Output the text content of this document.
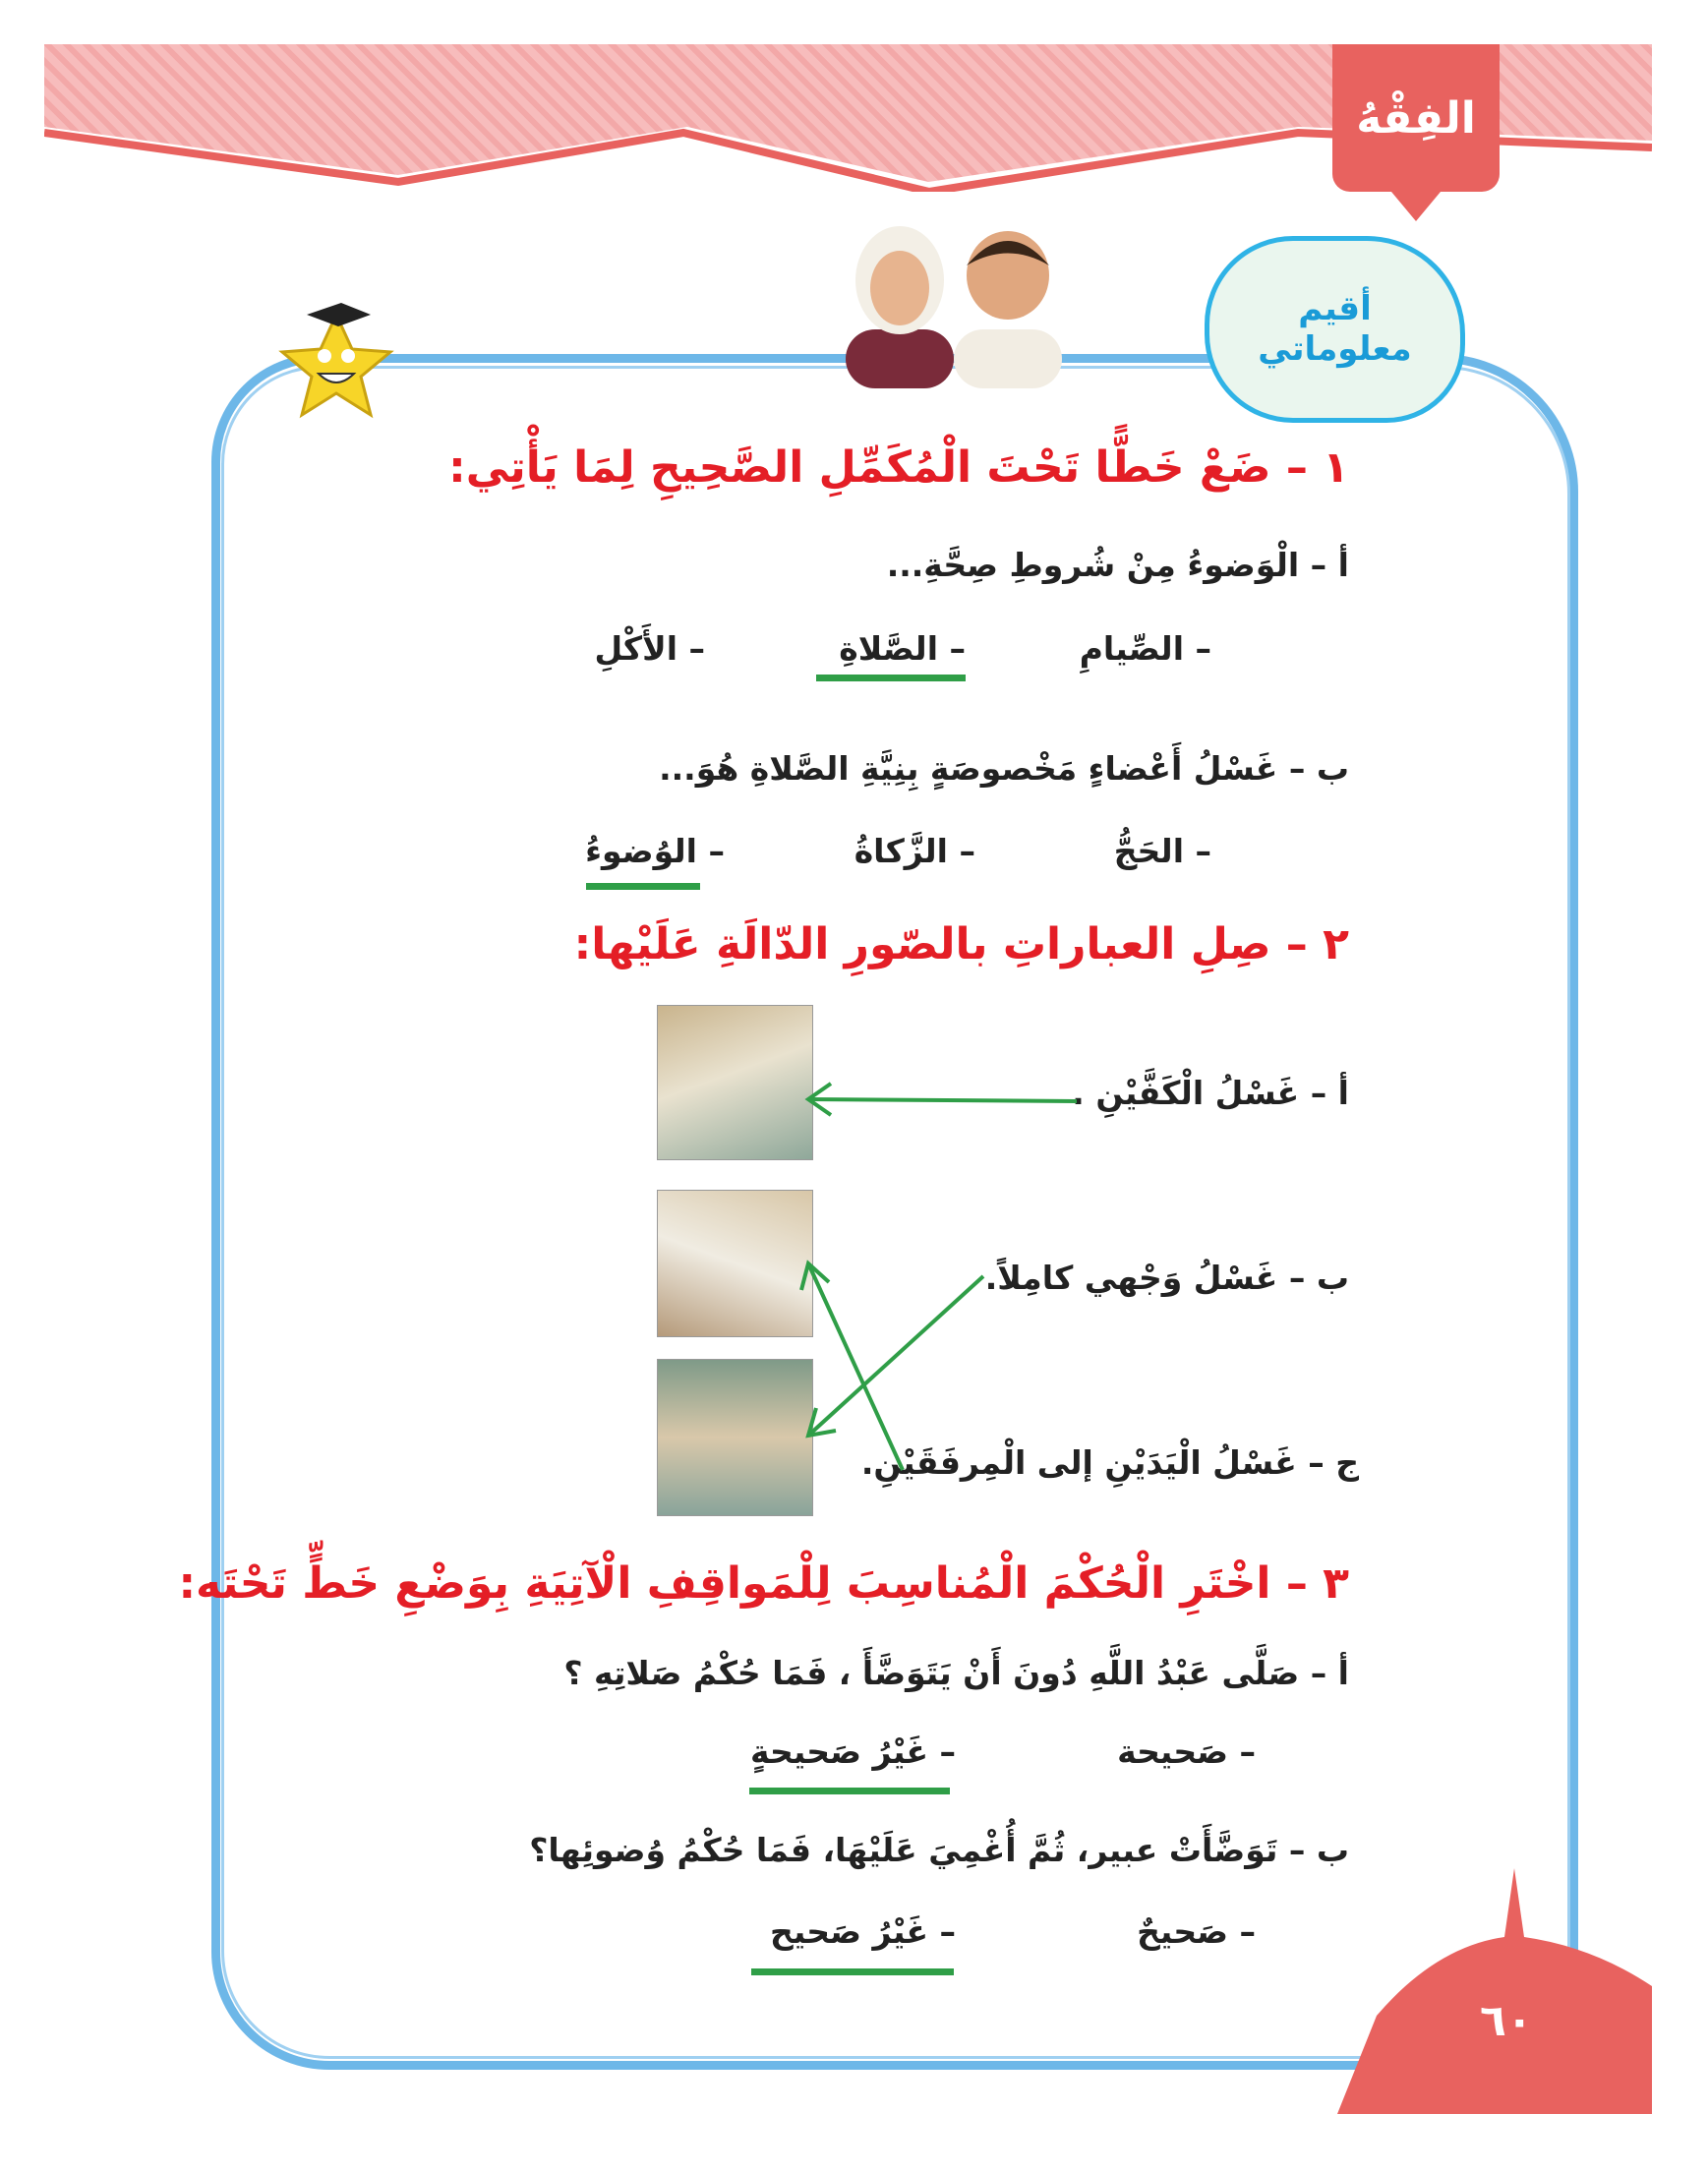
الفِقْهُ
أقيم
معلوماتي
١ – ضَعْ خَطًّا تَحْتَ الْمُكَمِّلِ الصَّحِيحِ لِمَا يَأْتِي:
أ – الْوَضوءُ مِنْ شُروطِ صِحَّةِ...
– الصِّيامِ
– الصَّلاةِ
– الأَكْلِ
ب – غَسْلُ أَعْضاءٍ مَخْصوصَةٍ بِنِيَّةِ الصَّلاةِ هُوَ...
– الحَجُّ
– الزَّكاةُ
– الوُضوءُ
٢ – صِلِ العباراتِ بالصّورِ الدّالَةِ عَلَيْها:
أ – غَسْلُ الْكَفَّيْنِ .
ب – غَسْلُ وَجْهي كامِلاً.
ج – غَسْلُ الْيَدَيْنِ إلى الْمِرفَقَيْنِ.
٣ – اخْتَرِ الْحُكْمَ الْمُناسِبَ لِلْمَواقِفِ الْآتِيَةِ بِوَضْعِ خَطٍّ تَحْتَه:
أ – صَلَّى عَبْدُ اللَّهِ دُونَ أَنْ يَتَوَضَّأَ ، فَمَا حُكْمُ صَلاتِهِ ؟
– صَحيحة
– غَيْرُ صَحيحةٍ
ب – تَوَضَّأَتْ عبير، ثُمَّ أُغْمِيَ عَلَيْهَا، فَمَا حُكْمُ وُضوئِها؟
– صَحيحٌ
– غَيْرُ صَحيح
٦٠
